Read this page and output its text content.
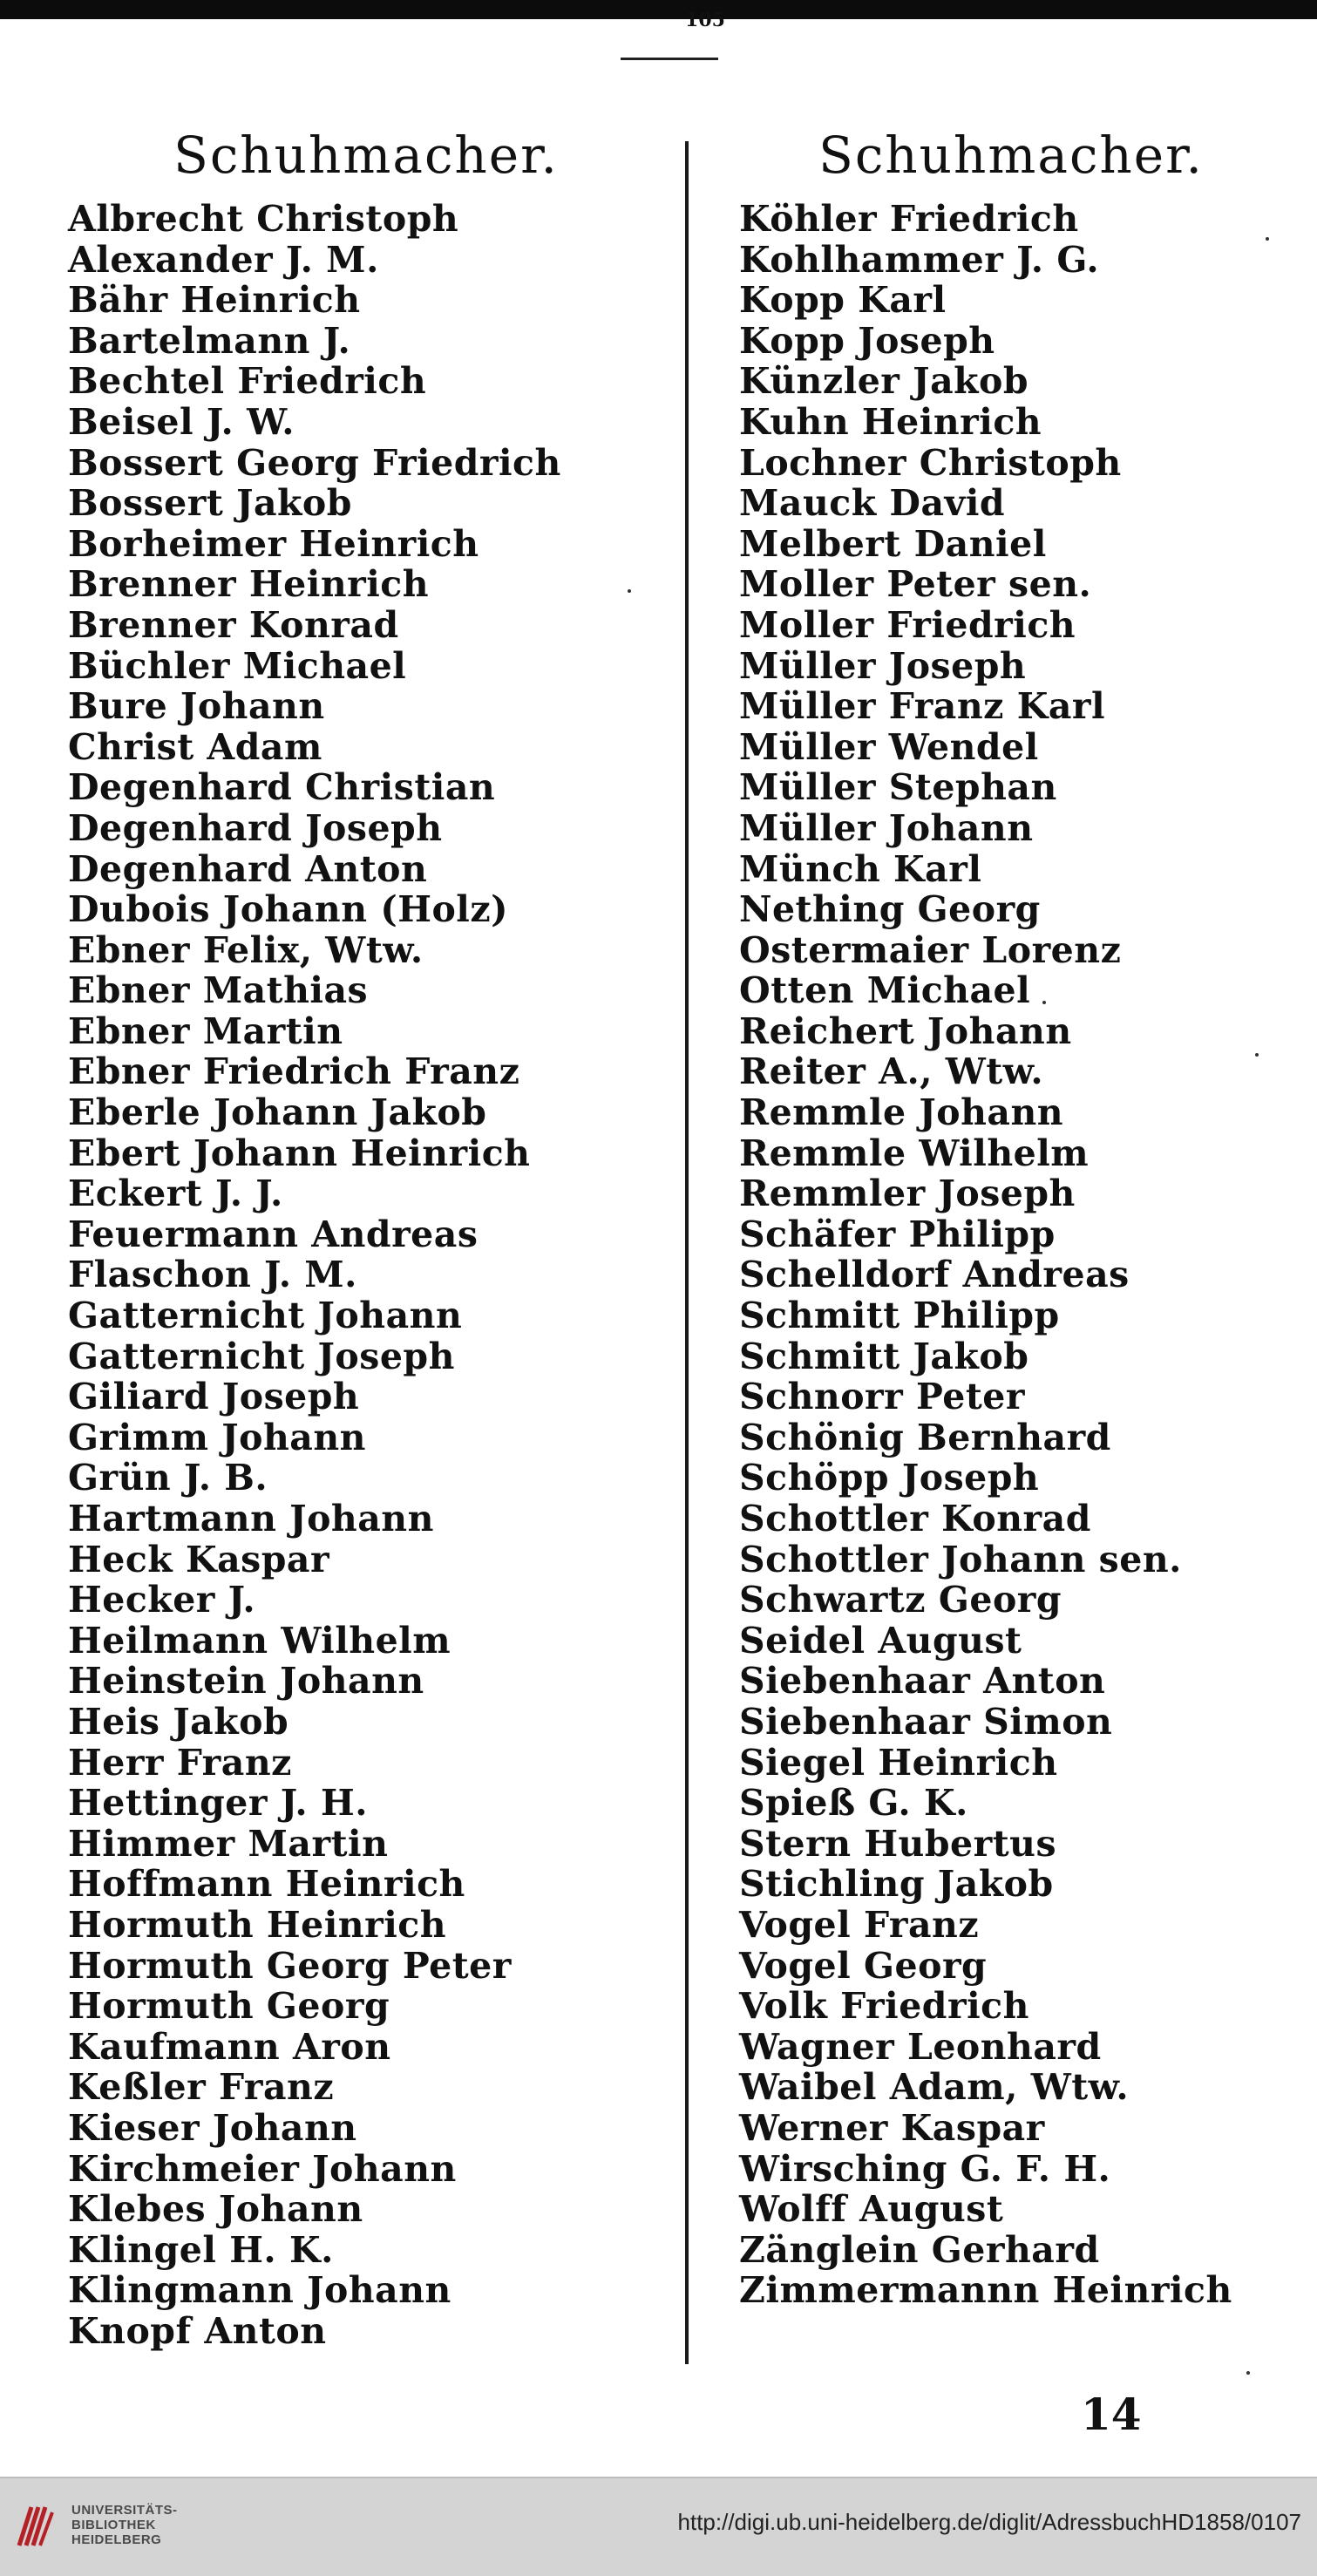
105
Schuhmacher.	Schuhmacher.
Albrecht Christoph
Alexander J. M.
Bähr Heinrich
Bartelmann J.
Bechtel Friedrich
Beisel J. W.
Bossert Georg Friedrich
Bossert Jakob
Borheimer Heinrich
Brenner Heinrich
Brenner Konrad
Büchler Michael
Bure Johann
Christ Adam
Degenhard Christian
Degenhard Joseph
Degenhard Anton
Dubois Johann (Holz)
Ebner Felix, Wtw.
Ebner Mathias
Ebner Martin
Ebner Friedrich Franz
Eberle Johann Jakob
Ebert Johann Heinrich
Eckert J. J.
Feuermann Andreas
Flaschon J. M.
Gatternicht Johann
Gatternicht Joseph
Giliard Joseph
Grimm Johann
Grün J. B.
Hartmann Johann
Heck Kaspar
Hecker J.
Heilmann Wilhelm
Heinstein Johann
Heis Jakob
Herr Franz
Hettinger J. H.
Himmer Martin
Hoffmann Heinrich
Hormuth Heinrich
Hormuth Georg Peter
Hormuth Georg
Kaufmann Aron
Keßler Franz
Kieser Johann
Kirchmeier Johann
Klebes Johann
Klingel H. K.
Klingmann Johann
Knopf Anton
Köhler Friedrich
Kohlhammer J. G.
Kopp Karl
Kopp Joseph
Künzler Jakob
Kuhn Heinrich
Lochner Christoph
Mauck David
Melbert Daniel
Moller Peter sen.
Moller Friedrich
Müller Joseph
Müller Franz Karl
Müller Wendel
Müller Stephan
Müller Johann
Münch Karl
Nething Georg
Ostermaier Lorenz
Otten Michael
Reichert Johann
Reiter A., Wtw.
Remmle Johann
Remmle Wilhelm
Remmler Joseph
Schäfer Philipp
Schelldorf Andreas
Schmitt Philipp
Schmitt Jakob
Schnorr Peter
Schönig Bernhard
Schöpp Joseph
Schottler Konrad
Schottler Johann sen.
Schwartz Georg
Seidel August
Siebenhaar Anton
Siebenhaar Simon
Siegel Heinrich
Spieß G. K.
Stern Hubertus
Stichling Jakob
Vogel Franz
Vogel Georg
Volk Friedrich
Wagner Leonhard
Waibel Adam, Wtw.
Werner Kaspar
Wirsching G. F. H.
Wolff August
Zänglein Gerhard
Zimmermannn Heinrich
14
UNIVERSITÄTS-
BIBLIOTHEK
HEIDELBERG
http://digi.ub.uni-heidelberg.de/diglit/AdressbuchHD1858/0107
